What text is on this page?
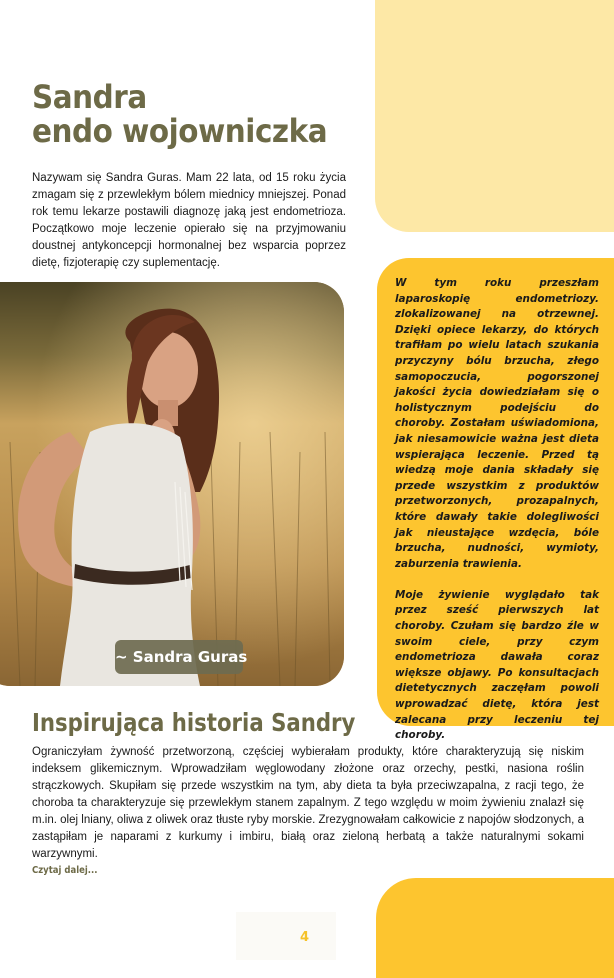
Sandra
endo wojowniczka
Nazywam się Sandra Guras. Mam 22 lata, od 15 roku życia zmagam się z przewlekłym bólem miednicy mniejszej. Ponad rok temu lekarze postawili diagnozę jaką jest endometrioza. Początkowo moje leczenie opierało się na przyjmowaniu doustnej antykoncepcji hormonalnej bez wsparcia poprzez dietę, fizjoterapię czy suplementację.
~ Sandra Guras

W tym roku przeszłam laparoskopię endometriozy. zlokalizowanej na otrzewnej. Dzięki opiece lekarzy, do których trafiłam po wielu latach szukania przyczyny bólu brzucha, złego samopoczucia, pogorszonej jakości życia dowiedziałam się o holistycznym podejściu do choroby. Zostałam uświadomiona, jak niesamowicie ważna jest dieta wspierająca leczenie. Przed tą wiedzą moje dania składały się przede wszystkim z produktów przetworzonych, prozapalnych, które dawały takie dolegliwości jak nieustające wzdęcia, bóle brzucha, nudności, wymioty, zaburzenia trawienia.

Moje żywienie wyglądało tak przez sześć pierwszych lat choroby. Czułam się bardzo źle w swoim ciele, przy czym endometrioza dawała coraz większe objawy. Po konsultacjach dietetycznych zaczęłam powoli wprowadzać dietę, która jest zalecana przy leczeniu tej choroby.

Inspirująca historia Sandry
Ograniczyłam żywność przetworzoną, częściej wybierałam produkty, które charakteryzują się niskim indeksem glikemicznym. Wprowadziłam węglowodany złożone oraz orzechy, pestki, nasiona roślin strączkowych. Skupiłam się przede wszystkim na tym, aby dieta ta była przeciwzapalna, z racji tego, że choroba ta charakteryzuje się przewlekłym stanem zapalnym. Z tego względu w moim żywieniu znalazł się m.in. olej lniany, oliwa z oliwek oraz tłuste ryby morskie. Zrezygnowałam całkowicie z napojów słodzonych, a zastąpiłam je naparami z kurkumy i imbiru, białą oraz zieloną herbatą a także naturalnymi sokami warzywnymi.
Czytaj dalej...
4
